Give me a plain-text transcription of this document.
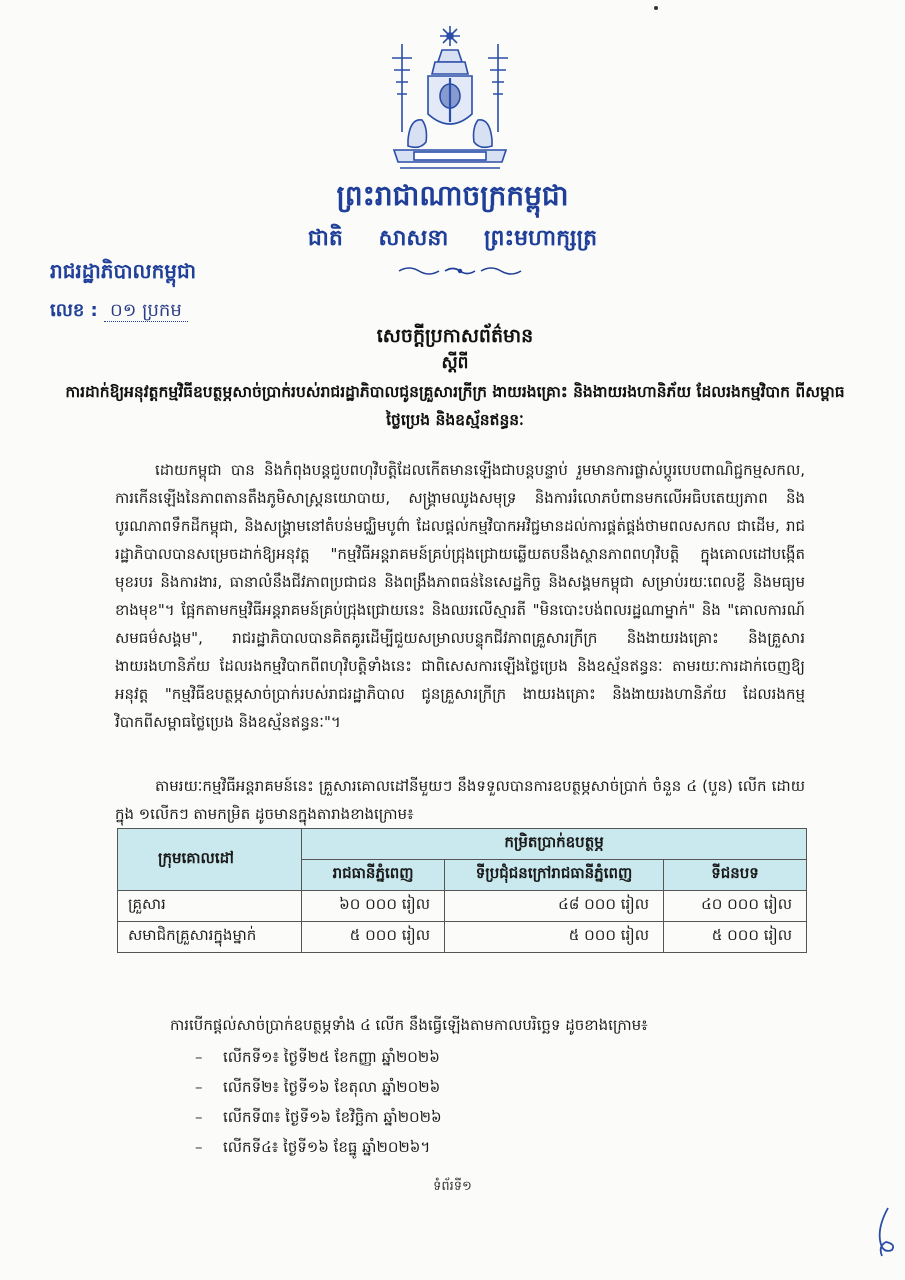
ព្រះរាជាណាចក្រកម្ពុជា
ជាតិ សាសនា ព្រះមហាក្សត្រ
រាជរដ្ឋាភិបាលកម្ពុជា
លេខ : ០១ ប្រកម
សេចក្តីប្រកាសព័ត៌មាន
ស្តីពី
ការដាក់ឱ្យអនុវត្តកម្មវិធីឧបត្ថម្ភសាច់ប្រាក់របស់រាជរដ្ឋាភិបាលជូនគ្រួសារក្រីក្រ ងាយរងគ្រោះ និងងាយរងហានិភ័យ ដែលរងកម្មវិបាក ពីសម្ពាធថ្លៃប្រេង និងឧស្ម័នឥន្ធនៈ
ដោយកម្ពុជា បាន និងកំពុងបន្តជួបពហុវិបត្តិដែលកើតមានឡើងជាបន្តបន្ទាប់ រួមមានការផ្លាស់ប្តូរបេបពាណិជ្ជកម្មសកល, ការកើនឡើងនៃភាពតានតឹងភូមិសាស្ត្រនយោបាយ, សង្គ្រាមឈូងសមុទ្រ និងការរំលោភបំពានមកលើអធិបតេយ្យភាព និងបូរណភាពទឹកដីកម្ពុជា, និងសង្គ្រាមនៅតំបន់មជ្ឈិមបូព៌ា ដែលផ្តល់កម្មវិបាកអវិជ្ជមានដល់ការផ្គត់ផ្គង់ថាមពលសកល ជាដើម, រាជរដ្ឋាភិបាលបានសម្រេចដាក់ឱ្យអនុវត្ត "កម្មវិធីអន្តរាគមន៍គ្រប់ជ្រុងជ្រោយឆ្លើយតបនឹងស្ថានភាពពហុវិបត្តិ ក្នុងគោលដៅបង្កើតមុខរបរ និងការងារ, ធានាលំនឹងជីវភាពប្រជាជន និងពង្រឹងភាពធន់នៃសេដ្ឋកិច្ច និងសង្គមកម្ពុជា សម្រាប់រយៈពេលខ្លី និងមធ្យមខាងមុខ"។ ផ្អែកតាមកម្មវិធីអន្តរាគមន៍គ្រប់ជ្រុងជ្រោយនេះ និងឈរលើស្មារតី "មិនបោះបង់ពលរដ្ឋណាម្នាក់" និង "គោលការណ៍សមធម៌សង្គម", រាជរដ្ឋាភិបាលបានគិតគូរដើម្បីជួយសម្រាលបន្ទុកជីវភាពគ្រួសារក្រីក្រ និងងាយរងគ្រោះ និងគ្រួសារងាយរងហានិភ័យ ដែលរងកម្មវិបាកពីពហុវិបត្តិទាំងនេះ ជាពិសេសការឡើងថ្លៃប្រេង និងឧស្ម័នឥន្ធនៈ តាមរយៈការដាក់ចេញឱ្យអនុវត្ត "កម្មវិធីឧបត្ថម្ភសាច់ប្រាក់របស់រាជរដ្ឋាភិបាល ជូនគ្រួសារក្រីក្រ ងាយរងគ្រោះ និងងាយរងហានិភ័យ ដែលរងកម្មវិបាកពីសម្ពាធថ្លៃប្រេង និងឧស្ម័នឥន្ធនៈ"។
តាមរយៈកម្មវិធីអន្តរាគមន៍នេះ គ្រួសារគោលដៅនីមួយៗ នឹងទទួលបានការឧបត្ថម្ភសាច់ប្រាក់ ចំនួន ៤ (បួន) លើក ដោយក្នុង ១លើកៗ តាមកម្រិត ដូចមានក្នុងតារាងខាងក្រោម៖
ក្រុមគោលដៅ	កម្រិតប្រាក់ឧបត្ថម្ភ		
	រាជធានីភ្នំពេញ	ទីប្រជុំជនក្រៅរាជធានីភ្នំពេញ	ទីជនបទ
គ្រួសារ	៦០ ០០០ រៀល	៤៨ ០០០ រៀល	៤០ ០០០ រៀល
សមាជិកគ្រួសារក្នុងម្នាក់	៥ ០០០ រៀល	៥ ០០០ រៀល	៥ ០០០ រៀល
ការបើកផ្តល់សាច់ប្រាក់ឧបត្ថម្ភទាំង ៤ លើក នឹងធ្វើឡើងតាមកាលបរិច្ឆេទ ដូចខាងក្រោម៖
– លើកទី១៖ ថ្ងៃទី២៥ ខែកញ្ញា ឆ្នាំ២០២៦
– លើកទី២៖ ថ្ងៃទី១៦ ខែតុលា ឆ្នាំ២០២៦
– លើកទី៣៖ ថ្ងៃទី១៦ ខែវិច្ឆិកា ឆ្នាំ២០២៦
– លើកទី៤៖ ថ្ងៃទី១៦ ខែធ្នូ ឆ្នាំ២០២៦។
ទំព័រទី១
